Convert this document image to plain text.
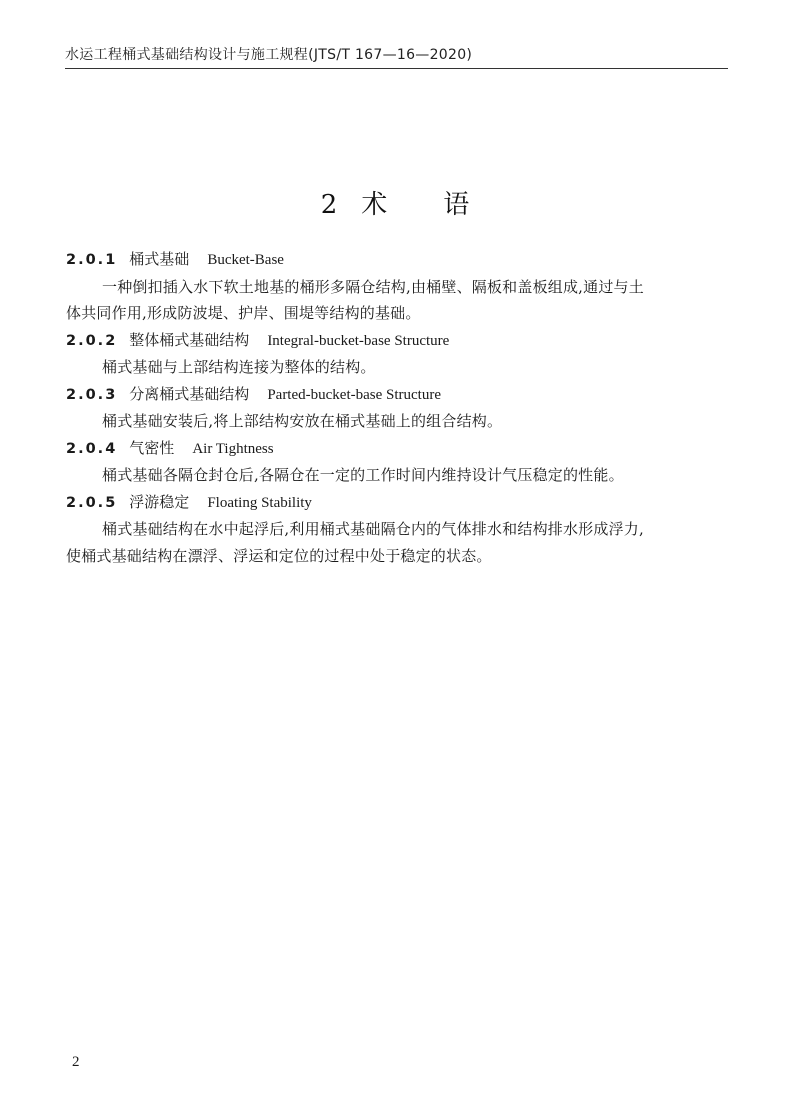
水运工程桶式基础结构设计与施工规程(JTS/T 167—16—2020)
2 术 语
2.0.1 桶式基础 Bucket-Base
一种倒扣插入水下软土地基的桶形多隔仓结构,由桶壁、隔板和盖板组成,通过与土
体共同作用,形成防波堤、护岸、围堤等结构的基础。
2.0.2 整体桶式基础结构 Integral-bucket-base Structure
桶式基础与上部结构连接为整体的结构。
2.0.3 分离桶式基础结构 Parted-bucket-base Structure
桶式基础安装后,将上部结构安放在桶式基础上的组合结构。
2.0.4 气密性 Air Tightness
桶式基础各隔仓封仓后,各隔仓在一定的工作时间内维持设计气压稳定的性能。
2.0.5 浮游稳定 Floating Stability
桶式基础结构在水中起浮后,利用桶式基础隔仓内的气体排水和结构排水形成浮力,
使桶式基础结构在漂浮、浮运和定位的过程中处于稳定的状态。
2
